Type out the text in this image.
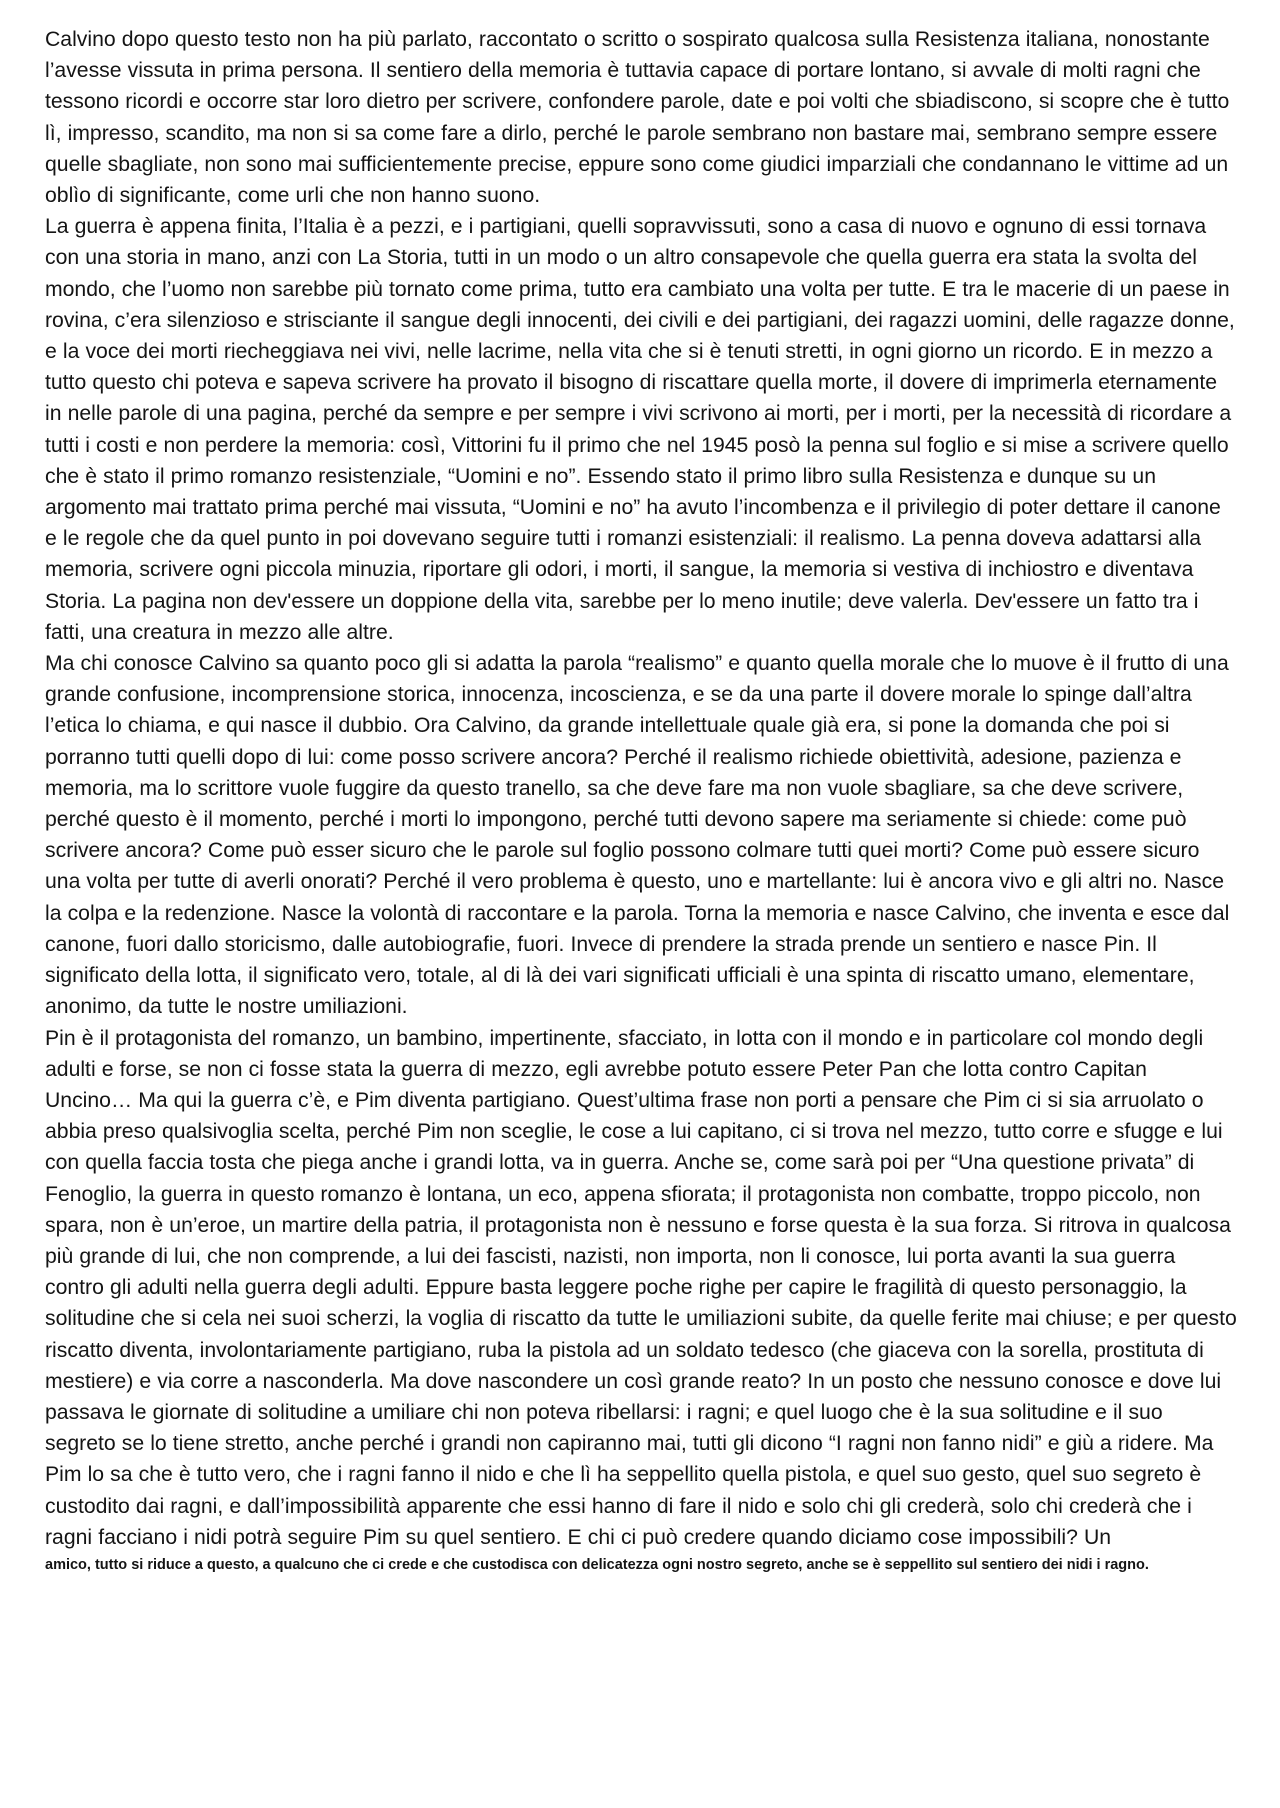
Calvino dopo questo testo non ha più parlato, raccontato o scritto o sospirato qualcosa sulla Resistenza italiana, nonostante l’avesse vissuta in prima persona. Il sentiero della memoria è tuttavia capace di portare lontano, si avvale di molti ragni che tessono ricordi e occorre star loro dietro per scrivere, confondere parole, date e poi volti che sbiadiscono, si scopre che è tutto lì, impresso, scandito, ma non si sa come fare a dirlo, perché le parole sembrano non bastare mai, sembrano sempre essere quelle sbagliate, non sono mai sufficientemente precise, eppure sono come giudici imparziali che condannano le vittime ad un oblìo di significante, come urli che non hanno suono.

La guerra è appena finita, l’Italia è a pezzi, e i partigiani, quelli sopravvissuti, sono a casa di nuovo e ognuno di essi tornava con una storia in mano, anzi con La Storia, tutti in un modo o un altro consapevole che quella guerra era stata la svolta del mondo, che l’uomo non sarebbe più tornato come prima, tutto era cambiato una volta per tutte. E tra le macerie di un paese in rovina, c’era silenzioso e strisciante il sangue degli innocenti, dei civili e dei partigiani, dei ragazzi uomini, delle ragazze donne, e la voce dei morti riecheggiava nei vivi, nelle lacrime, nella vita che si è tenuti stretti, in ogni giorno un ricordo. E in mezzo a tutto questo chi poteva e sapeva scrivere ha provato il bisogno di riscattare quella morte, il dovere di imprimerla eternamente in nelle parole di una pagina, perché da sempre e per sempre i vivi scrivono ai morti, per i morti, per la necessità di ricordare a tutti i costi e non perdere la memoria: così, Vittorini fu il primo che nel 1945 posò la penna sul foglio e si mise a scrivere quello che è stato il primo romanzo resistenziale, “Uomini e no”. Essendo stato il primo libro sulla Resistenza e dunque su un argomento mai trattato prima perché mai vissuta, “Uomini e no” ha avuto l’incombenza e il privilegio di poter dettare il canone e le regole che da quel punto in poi dovevano seguire tutti i romanzi esistenziali: il realismo. La penna doveva adattarsi alla memoria, scrivere ogni piccola minuzia, riportare gli odori, i morti, il sangue, la memoria si vestiva di inchiostro e diventava Storia. La pagina non dev'essere un doppione della vita, sarebbe per lo meno inutile; deve valerla. Dev'essere un fatto tra i fatti, una creatura in mezzo alle altre.

Ma chi conosce Calvino sa quanto poco gli si adatta la parola “realismo” e quanto quella morale che lo muove è il frutto di una grande confusione, incomprensione storica, innocenza, incoscienza, e se da una parte il dovere morale lo spinge dall’altra l’etica lo chiama, e qui nasce il dubbio. Ora Calvino, da grande intellettuale quale già era, si pone la domanda che poi si porranno tutti quelli dopo di lui: come posso scrivere ancora? Perché il realismo richiede obiettività, adesione, pazienza e memoria, ma lo scrittore vuole fuggire da questo tranello, sa che deve fare ma non vuole sbagliare, sa che deve scrivere, perché questo è il momento, perché i morti lo impongono, perché tutti devono sapere ma seriamente si chiede: come può scrivere ancora? Come può esser sicuro che le parole sul foglio possono colmare tutti quei morti? Come può essere sicuro una volta per tutte di averli onorati? Perché il vero problema è questo, uno e martellante: lui è ancora vivo e gli altri no. Nasce la colpa e la redenzione. Nasce la volontà di raccontare e la parola. Torna la memoria e nasce Calvino, che inventa e esce dal canone, fuori dallo storicismo, dalle autobiografie, fuori. Invece di prendere la strada prende un sentiero e nasce Pin. Il significato della lotta, il significato vero, totale, al di là dei vari significati ufficiali è una spinta di riscatto umano, elementare, anonimo, da tutte le nostre umiliazioni.

Pin è il protagonista del romanzo, un bambino, impertinente, sfacciato, in lotta con il mondo e in particolare col mondo degli adulti e forse, se non ci fosse stata la guerra di mezzo, egli avrebbe potuto essere Peter Pan che lotta contro Capitan Uncino… Ma qui la guerra c’è, e Pim diventa partigiano. Quest’ultima frase non porti a pensare che Pim ci si sia arruolato o abbia preso qualsivoglia scelta, perché Pim non sceglie, le cose a lui capitano, ci si trova nel mezzo, tutto corre e sfugge e lui con quella faccia tosta che piega anche i grandi lotta, va in guerra. Anche se, come sarà poi per “Una questione privata” di Fenoglio, la guerra in questo romanzo è lontana, un eco, appena sfiorata; il protagonista non combatte, troppo piccolo, non spara, non è un’eroe, un martire della patria, il protagonista non è nessuno e forse questa è la sua forza. Si ritrova in qualcosa più grande di lui, che non comprende, a lui dei fascisti, nazisti, non importa, non li conosce, lui porta avanti la sua guerra contro gli adulti nella guerra degli adulti. Eppure basta leggere poche righe per capire le fragilità di questo personaggio, la solitudine che si cela nei suoi scherzi, la voglia di riscatto da tutte le umiliazioni subite, da quelle ferite mai chiuse; e per questo riscatto diventa, involontariamente partigiano, ruba la pistola ad un soldato tedesco (che giaceva con la sorella, prostituta di mestiere) e via corre a nasconderla. Ma dove nascondere un così grande reato? In un posto che nessuno conosce e dove lui passava le giornate di solitudine a umiliare chi non poteva ribellarsi: i ragni; e quel luogo che è la sua solitudine e il suo segreto se lo tiene stretto, anche perché i grandi non capiranno mai, tutti gli dicono “I ragni non fanno nidi” e giù a ridere. Ma Pim lo sa che è tutto vero, che i ragni fanno il nido e che lì ha seppellito quella pistola, e quel suo gesto, quel suo segreto è custodito dai ragni, e dall’impossibilità apparente che essi hanno di fare il nido e solo chi gli crederà, solo chi crederà che i ragni facciano i nidi potrà seguire Pim su quel sentiero. E chi ci può credere quando diciamo cose impossibili? Un

amico, tutto si riduce a questo, a qualcuno che ci crede e che custodisca con delicatezza ogni nostro segreto, anche se è seppellito sul sentiero dei nidi i ragno.
